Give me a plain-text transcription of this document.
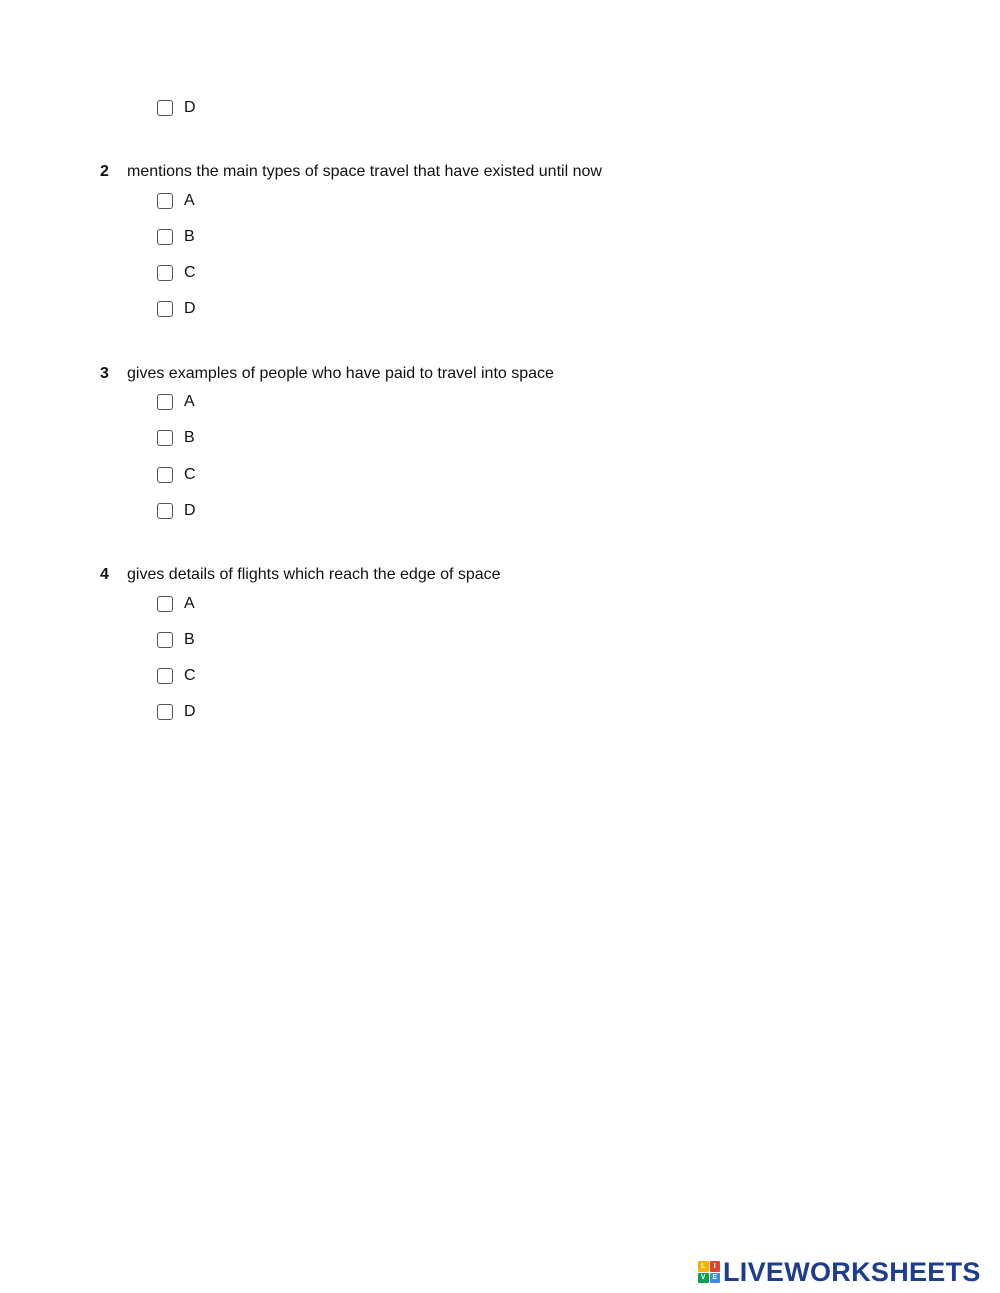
D
2	mentions the main types of space travel that have existed until now
A
B
C
D
3	gives examples of people who have paid to travel into space
A
B
C
D
4	gives details of flights which reach the edge of space
A
B
C
D
L	I
V E LIVEWORKSHEETS
